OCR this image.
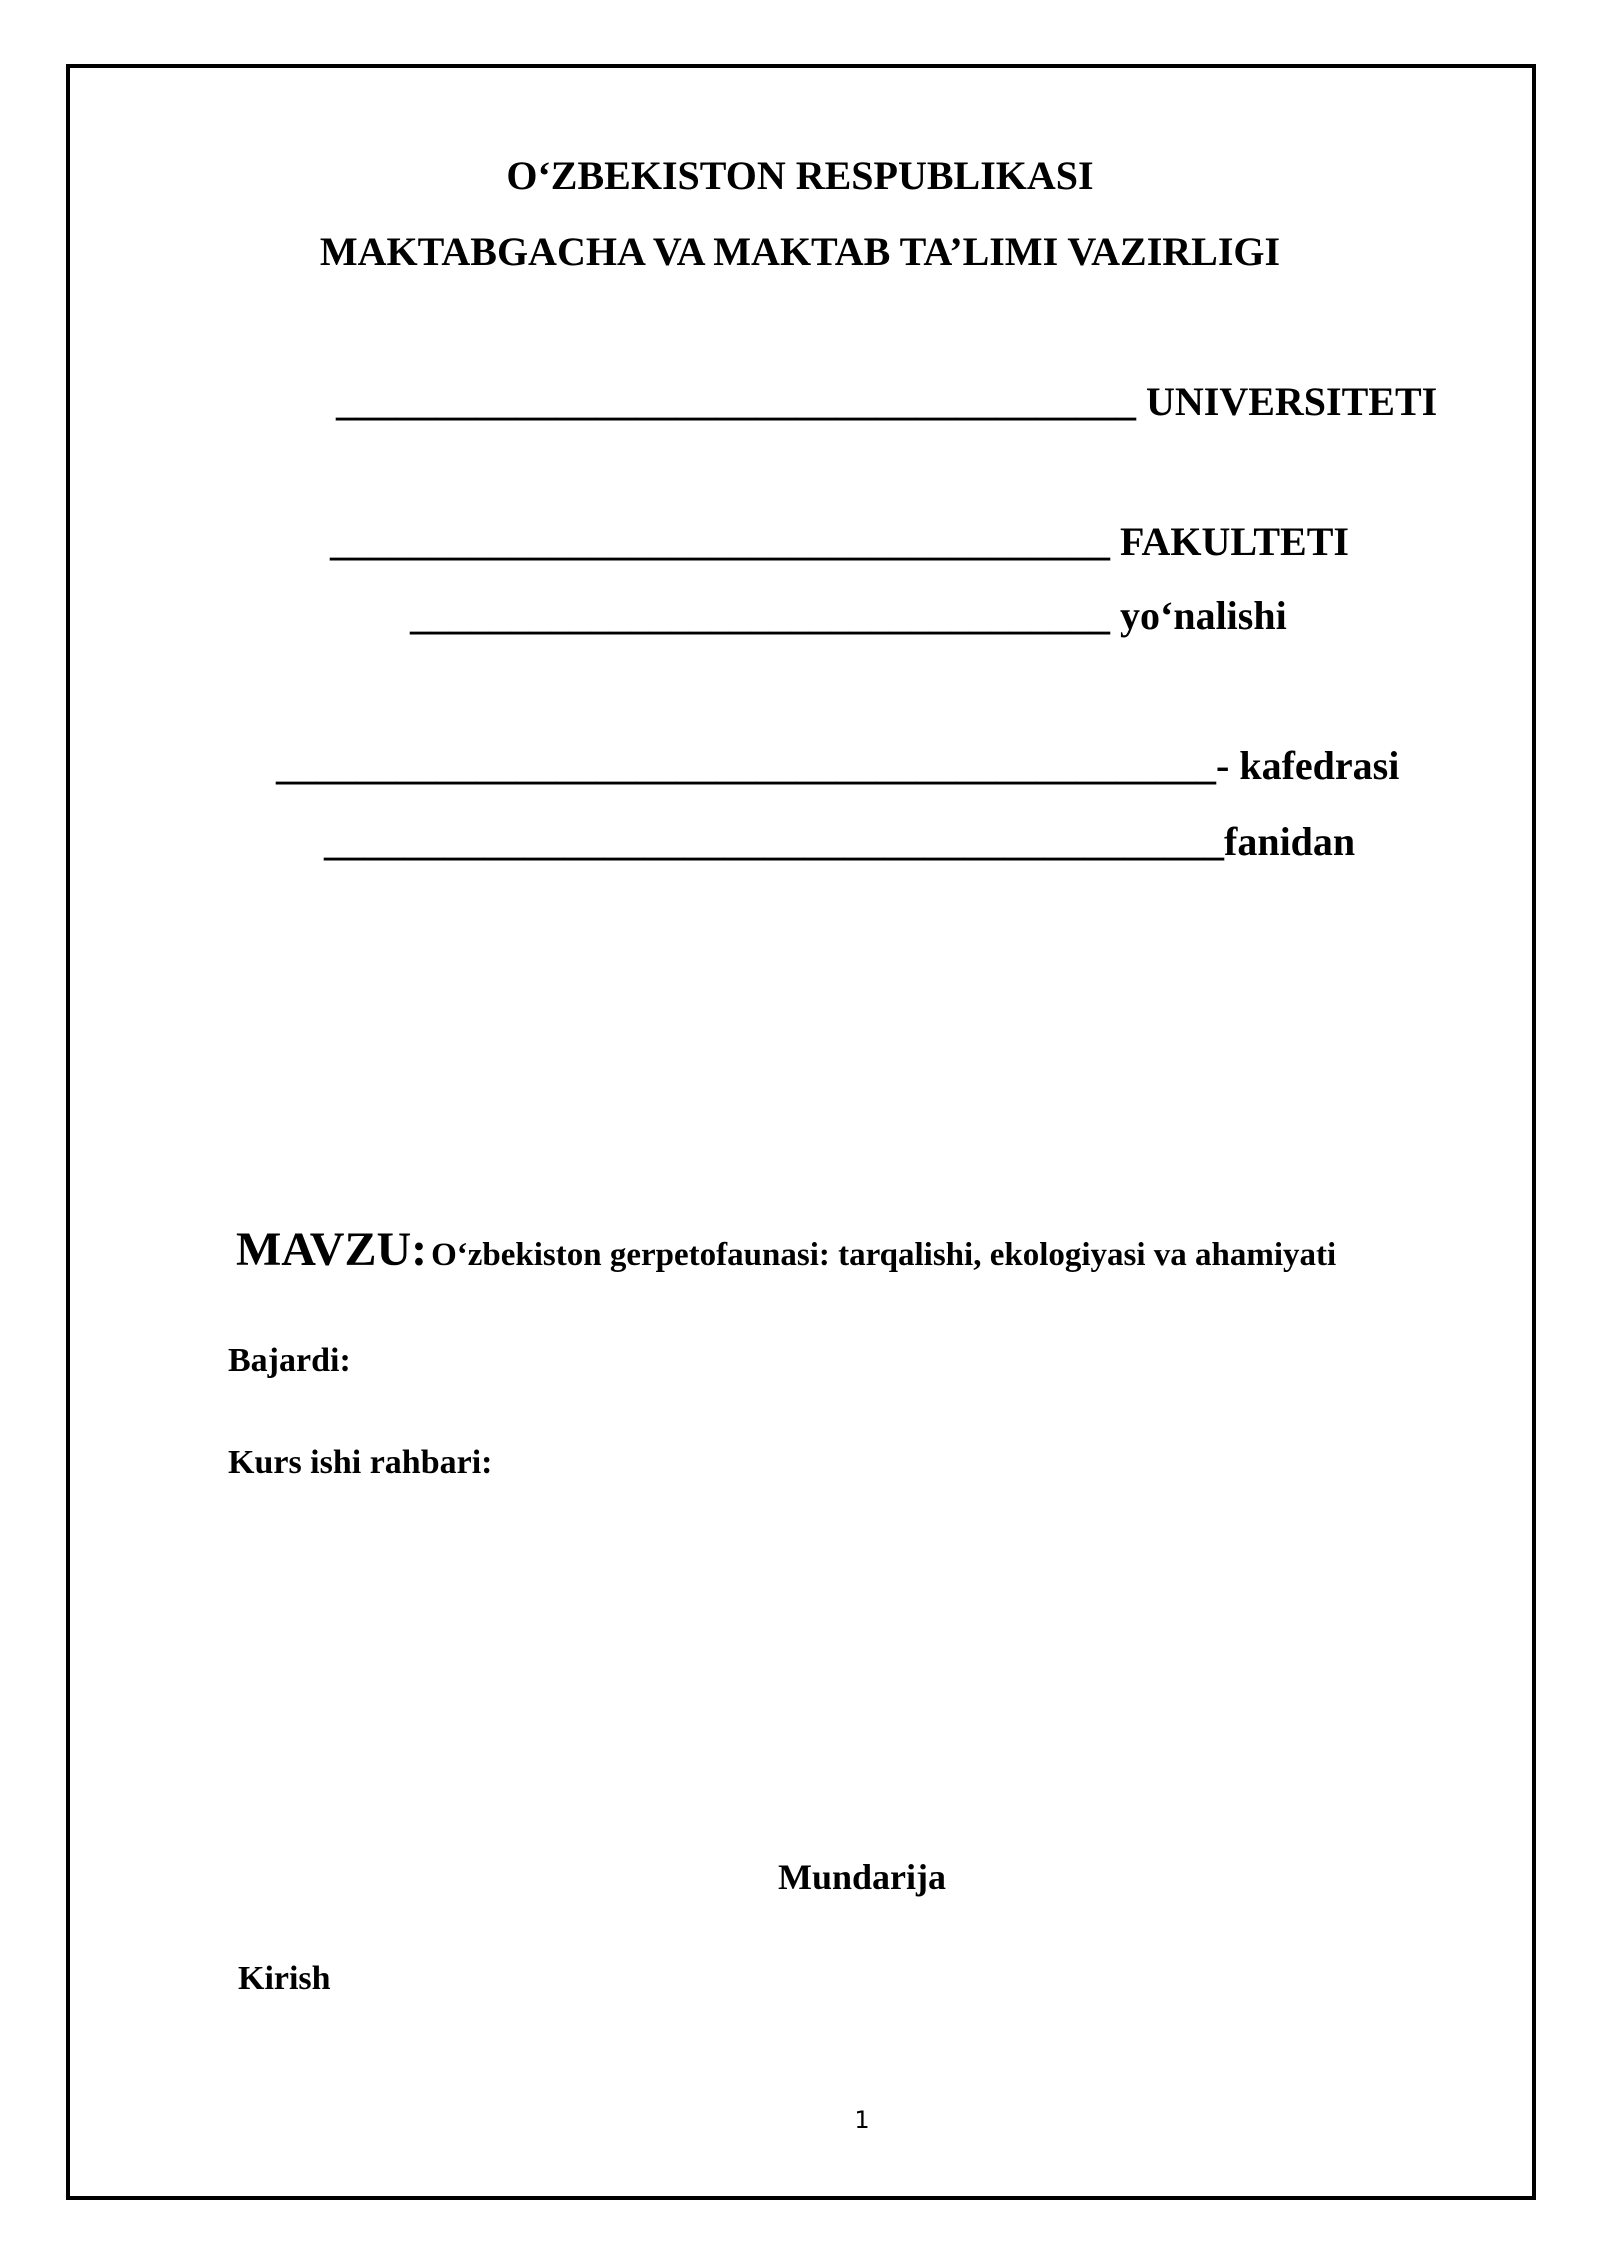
O‘ZBEKISTON RESPUBLIKASI
MAKTABGACHA VA MAKTAB TA’LIMI VAZIRLIGI
________________________________________ UNIVERSITETI
_______________________________________ FAKULTETI
___________________________________ yo‘nalishi
_______________________________________________- kafedrasi
_____________________________________________fanidan
MAVZU: O‘zbekiston gerpetofaunasi: tarqalishi, ekologiyasi va ahamiyati
Bajardi:
Kurs ishi rahbari:
Mundarija
Kirish
1
